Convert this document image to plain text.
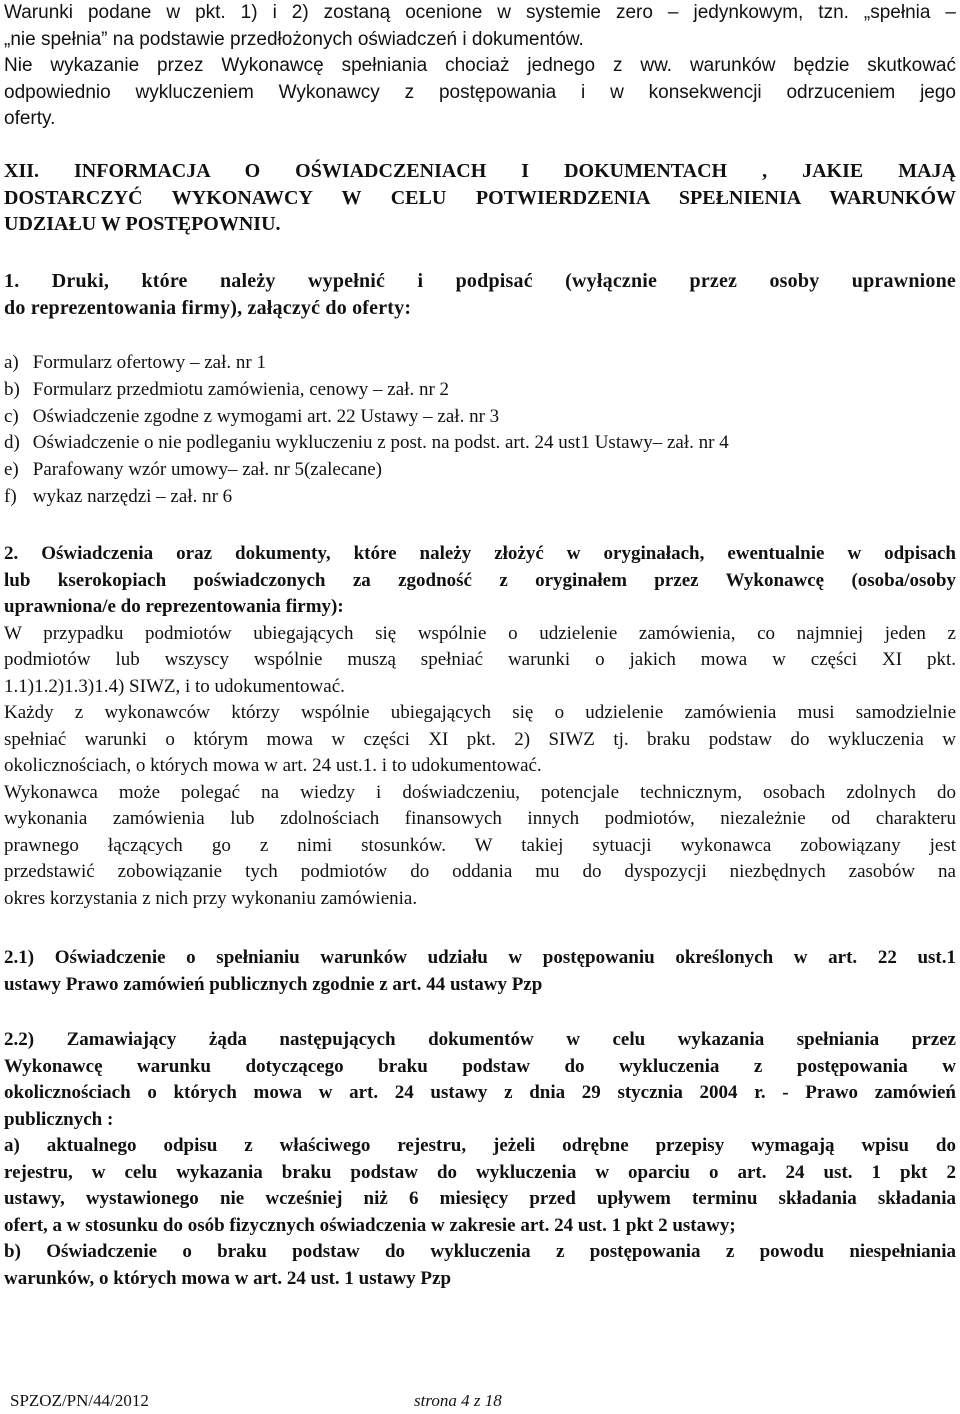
Warunki podane w pkt. 1) i 2) zostaną ocenione w systemie zero – jedynkowym, tzn. „spełnia –
„nie spełnia” na podstawie przedłożonych oświadczeń i dokumentów.
Nie wykazanie przez Wykonawcę spełniania chociaż jednego z ww. warunków będzie skutkować
odpowiednio wykluczeniem Wykonawcy z postępowania i w konsekwencji odrzuceniem jego
oferty.
XII. INFORMACJA O OŚWIADCZENIACH I DOKUMENTACH , JAKIE MAJĄ
DOSTARCZYĆ WYKONAWCY W CELU POTWIERDZENIA SPEŁNIENIA WARUNKÓW
UDZIAŁU W POSTĘPOWNIU.
1. Druki, które należy wypełnić i podpisać (wyłącznie przez osoby uprawnione
do reprezentowania firmy), załączyć do oferty:
a) Formularz ofertowy – zał. nr 1
b) Formularz przedmiotu zamówienia, cenowy – zał. nr 2
c) Oświadczenie zgodne z wymogami art. 22 Ustawy – zał. nr 3
d) Oświadczenie o nie podleganiu wykluczeniu z post. na podst. art. 24 ust1 Ustawy– zał. nr 4
e) Parafowany wzór umowy– zał. nr 5(zalecane)
f) wykaz narzędzi – zał. nr 6
2. Oświadczenia oraz dokumenty, które należy złożyć w oryginałach, ewentualnie w odpisach
lub kserokopiach poświadczonych za zgodność z oryginałem przez Wykonawcę (osoba/osoby
uprawniona/e do reprezentowania firmy):
W przypadku podmiotów ubiegających się wspólnie o udzielenie zamówienia, co najmniej jeden z
podmiotów lub wszyscy wspólnie muszą spełniać warunki o jakich mowa w części XI pkt.
1.1)1.2)1.3)1.4) SIWZ, i to udokumentować.
Każdy z wykonawców którzy wspólnie ubiegających się o udzielenie zamówienia musi samodzielnie
spełniać warunki o którym mowa w części XI pkt. 2) SIWZ tj. braku podstaw do wykluczenia w
okolicznościach, o których mowa w art. 24 ust.1. i to udokumentować.
Wykonawca może polegać na wiedzy i doświadczeniu, potencjale technicznym, osobach zdolnych do
wykonania zamówienia lub zdolnościach finansowych innych podmiotów, niezależnie od charakteru
prawnego łączących go z nimi stosunków. W takiej sytuacji wykonawca zobowiązany jest
przedstawić zobowiązanie tych podmiotów do oddania mu do dyspozycji niezbędnych zasobów na
okres korzystania z nich przy wykonaniu zamówienia.
2.1) Oświadczenie o spełnianiu warunków udziału w postępowaniu określonych w art. 22 ust.1
ustawy Prawo zamówień publicznych zgodnie z art. 44 ustawy Pzp
2.2) Zamawiający żąda następujących dokumentów w celu wykazania spełniania przez
Wykonawcę warunku dotyczącego braku podstaw do wykluczenia z postępowania w
okolicznościach o których mowa w art. 24 ustawy z dnia 29 stycznia 2004 r. - Prawo zamówień
publicznych :
a) aktualnego odpisu z właściwego rejestru, jeżeli odrębne przepisy wymagają wpisu do
rejestru, w celu wykazania braku podstaw do wykluczenia w oparciu o art. 24 ust. 1 pkt 2
ustawy, wystawionego nie wcześniej niż 6 miesięcy przed upływem terminu składania składania
ofert, a w stosunku do osób fizycznych oświadczenia w zakresie art. 24 ust. 1 pkt 2 ustawy;
b) Oświadczenie o braku podstaw do wykluczenia z postępowania z powodu niespełniania
warunków, o których mowa w art. 24 ust. 1 ustawy Pzp
SPZOZ/PN/44/2012	strona 4 z 18
